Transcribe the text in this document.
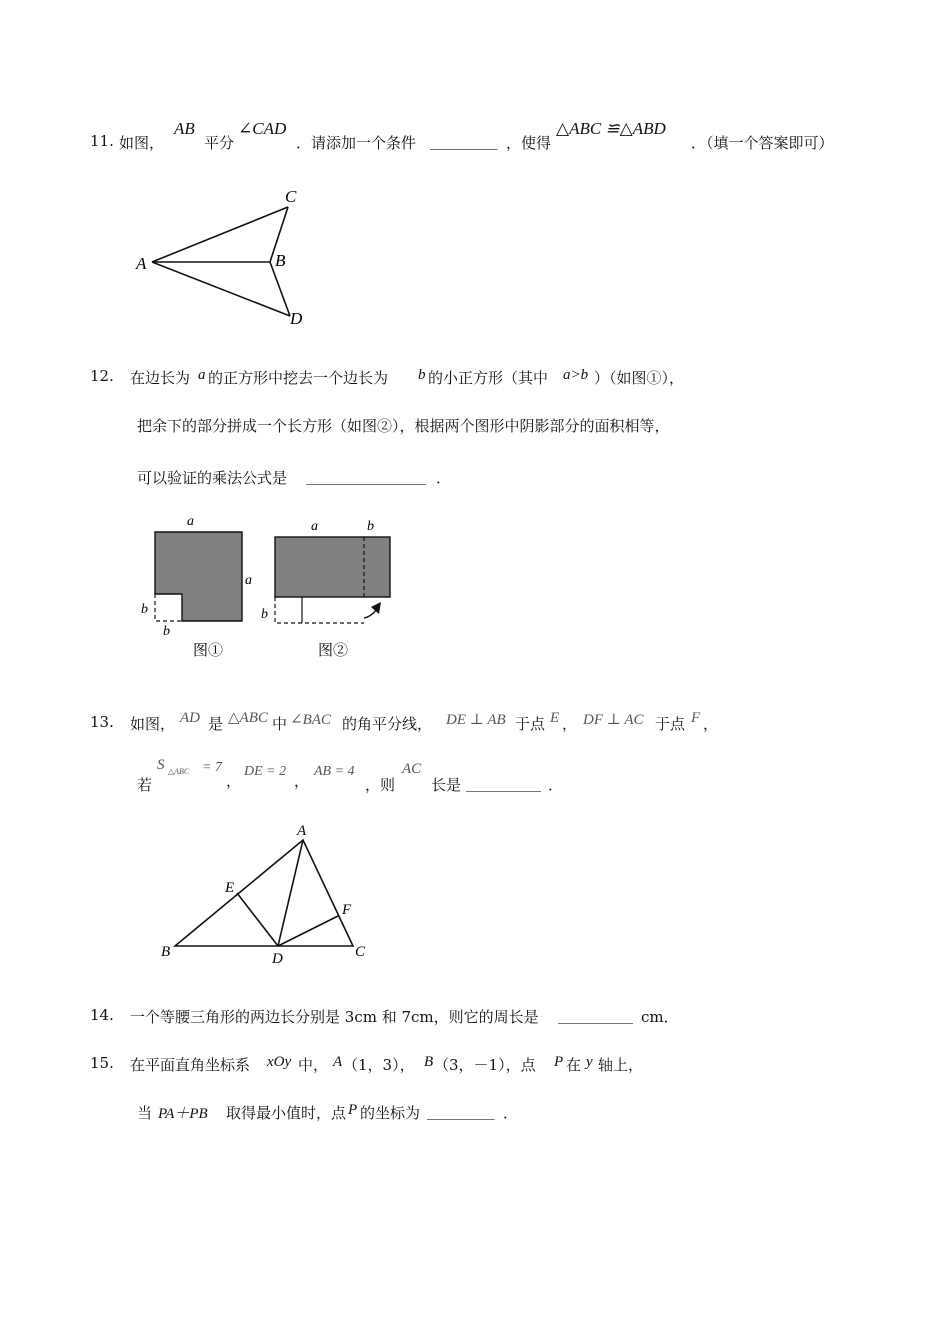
11. 如图，
AB
平分
∠CAD
．请添加一个条件 _________ ，使得
△ABC ≌△ABD
．（填一个答案即可）
A	B
C
D
12. 在边长为 a 的正方形中挖去一个边长为 b 的小正方形（其中 a>b ）（如图①），
把余下的部分拼成一个长方形（如图②），根据两个图形中阴影部分的面积相等，
可以验证的乘法公式是 ________________ ．
a
a
b
b
图①
a	b
b
图②
13. 如图， AD 是 △ABC 中 ∠BAC 的角平分线， DE ⊥ AB 于点 E ， DF ⊥ AC 于点 F ，
若
S △ABC = 7
，
DE = 2
，
AB = 4
，则
AC
长是 __________ ．
A
B	C
D
E
F
14. 一个等腰三角形的两边长分别是 3cm 和 7cm，则它的周长是 __________ cm．
15. 在平面直角坐标系 xOy 中， A （1，3）， B （3，－1），点 P 在 y 轴上，
当 PA＋PB 取得最小值时，点 P 的坐标为 _________ ．
